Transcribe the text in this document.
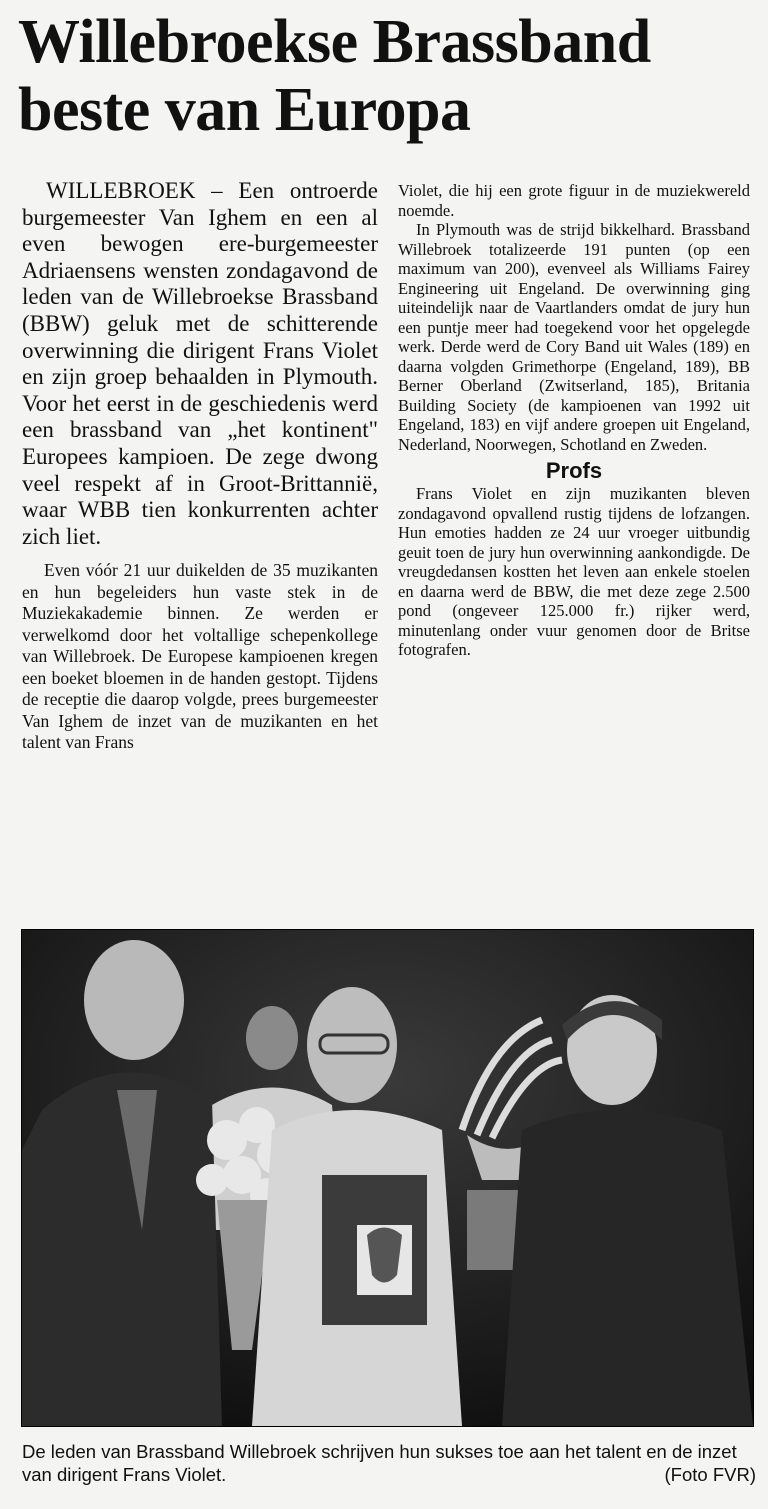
Willebroekse Brassband
beste van Europa

WILLEBROEK – Een ontroerde burgemeester Van Ighem en een al even bewogen ere-burgemeester Adriaensens wensten zondagavond de leden van de Willebroekse Brassband (BBW) geluk met de schitterende overwinning die dirigent Frans Violet en zijn groep behaalden in Plymouth. Voor het eerst in de geschiedenis werd een brassband van „het kontinent" Europees kampioen. De zege dwong veel respekt af in Groot-Brittannië, waar WBB tien konkurrenten achter zich liet.

Even vóór 21 uur duikelden de 35 muzikanten en hun begeleiders hun vaste stek in de Muziekakademie binnen. Ze werden er verwelkomd door het voltallige schepenkollege van Willebroek. De Europese kampioenen kregen een boeket bloemen in de handen gestopt. Tijdens de receptie die daarop volgde, prees burgemeester Van Ighem de inzet van de muzikanten en het talent van Frans

Violet, die hij een grote figuur in de muziekwereld noemde.

In Plymouth was de strijd bikkelhard. Brassband Willebroek totalizeerde 191 punten (op een maximum van 200), evenveel als Williams Fairey Engineering uit Engeland. De overwinning ging uiteindelijk naar de Vaartlanders omdat de jury hun een puntje meer had toegekend voor het opgelegde werk. Derde werd de Cory Band uit Wales (189) en daarna volgden Grimethorpe (Engeland, 189), BB Berner Oberland (Zwitserland, 185), Britania Building Society (de kampioenen van 1992 uit Engeland, 183) en vijf andere groepen uit Engeland, Nederland, Noorwegen, Schotland en Zweden.

Profs

Frans Violet en zijn muzikanten bleven zondagavond opvallend rustig tijdens de lofzangen. Hun emoties hadden ze 24 uur vroeger uitbundig geuit toen de jury hun overwinning aankondigde. De vreugdedansen kostten het leven aan enkele stoelen en daarna werd de BBW, die met deze zege 2.500 pond (ongeveer 125.000 fr.) rijker werd, minutenlang onder vuur genomen door de Britse fotografen.

De leden van Brassband Willebroek schrijven hun sukses toe aan het talent en de inzet van dirigent Frans Violet.	(Foto FVR)
